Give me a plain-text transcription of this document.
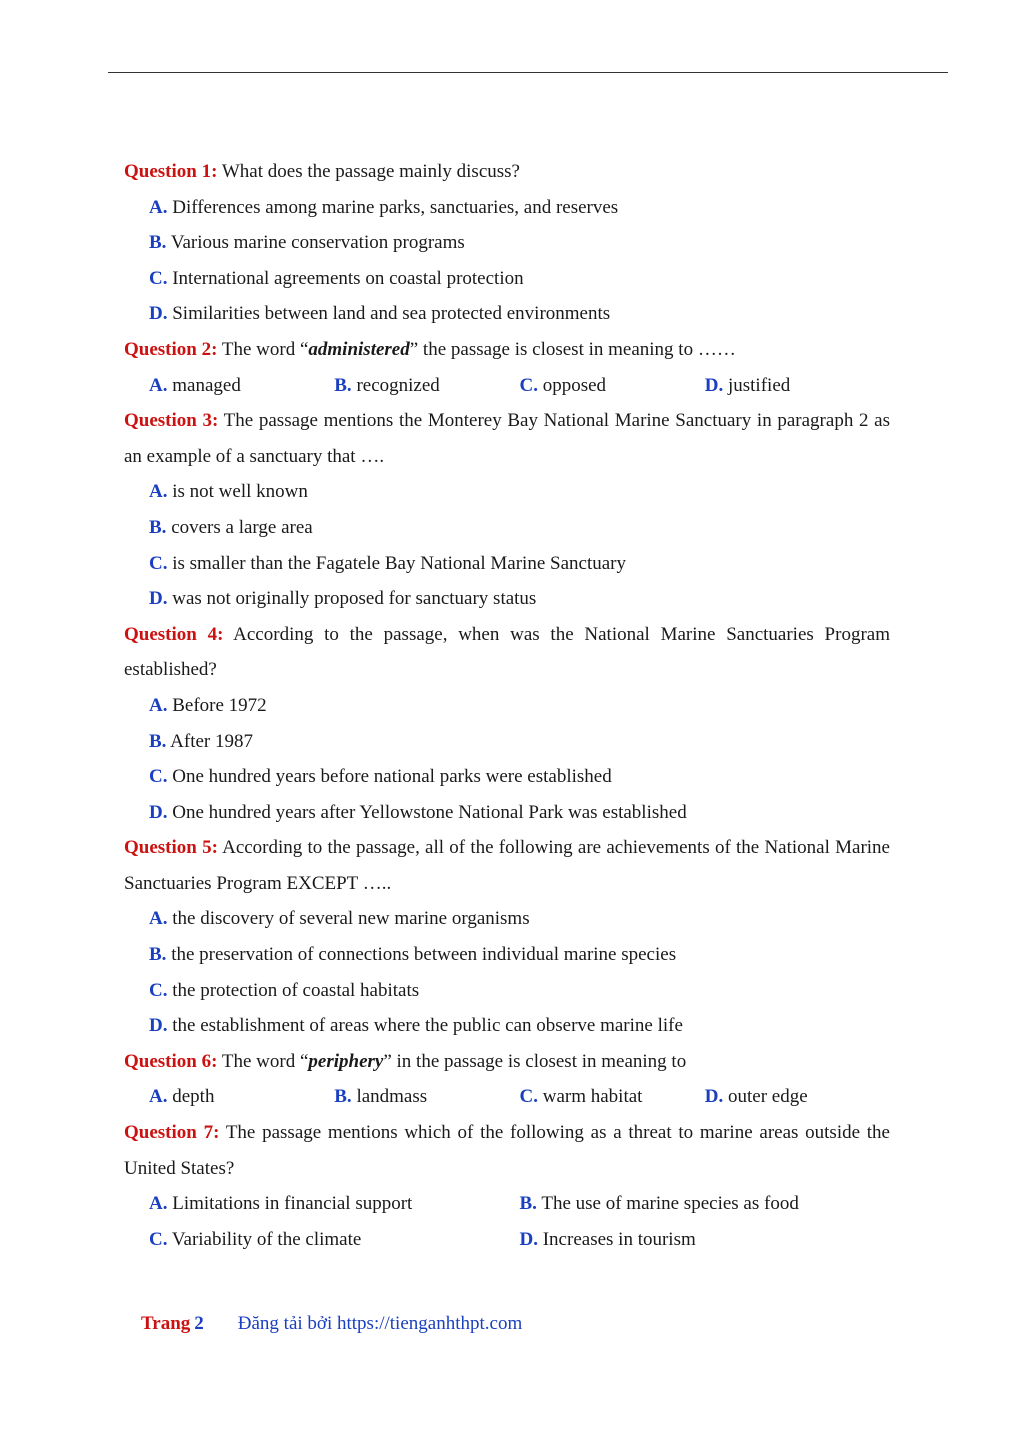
Question 1: What does the passage mainly discuss?
A. Differences among marine parks, sanctuaries, and reserves
B. Various marine conservation programs
C. International agreements on coastal protection
D. Similarities between land and sea protected environments
Question 2: The word “administered” the passage is closest in meaning to ……
A. managed	B. recognized	C. opposed	D. justified
Question 3: The passage mentions the Monterey Bay National Marine Sanctuary in paragraph 2 as an example of a sanctuary that ….
A. is not well known
B. covers a large area
C. is smaller than the Fagatele Bay National Marine Sanctuary
D. was not originally proposed for sanctuary status
Question 4: According to the passage, when was the National Marine Sanctuaries Program established?
A. Before 1972
B. After 1987
C. One hundred years before national parks were established
D. One hundred years after Yellowstone National Park was established
Question 5: According to the passage, all of the following are achievements of the National Marine Sanctuaries Program EXCEPT …..
A. the discovery of several new marine organisms
B. the preservation of connections between individual marine species
C. the protection of coastal habitats
D. the establishment of areas where the public can observe marine life
Question 6: The word “periphery” in the passage is closest in meaning to
A. depth	B. landmass	C. warm habitat	D. outer edge
Question 7: The passage mentions which of the following as a threat to marine areas outside the United States?
A. Limitations in financial support	B. The use of marine species as food
C. Variability of the climate	D. Increases in tourism
Trang 2 Đăng tải bởi https://tienganhthpt.com
